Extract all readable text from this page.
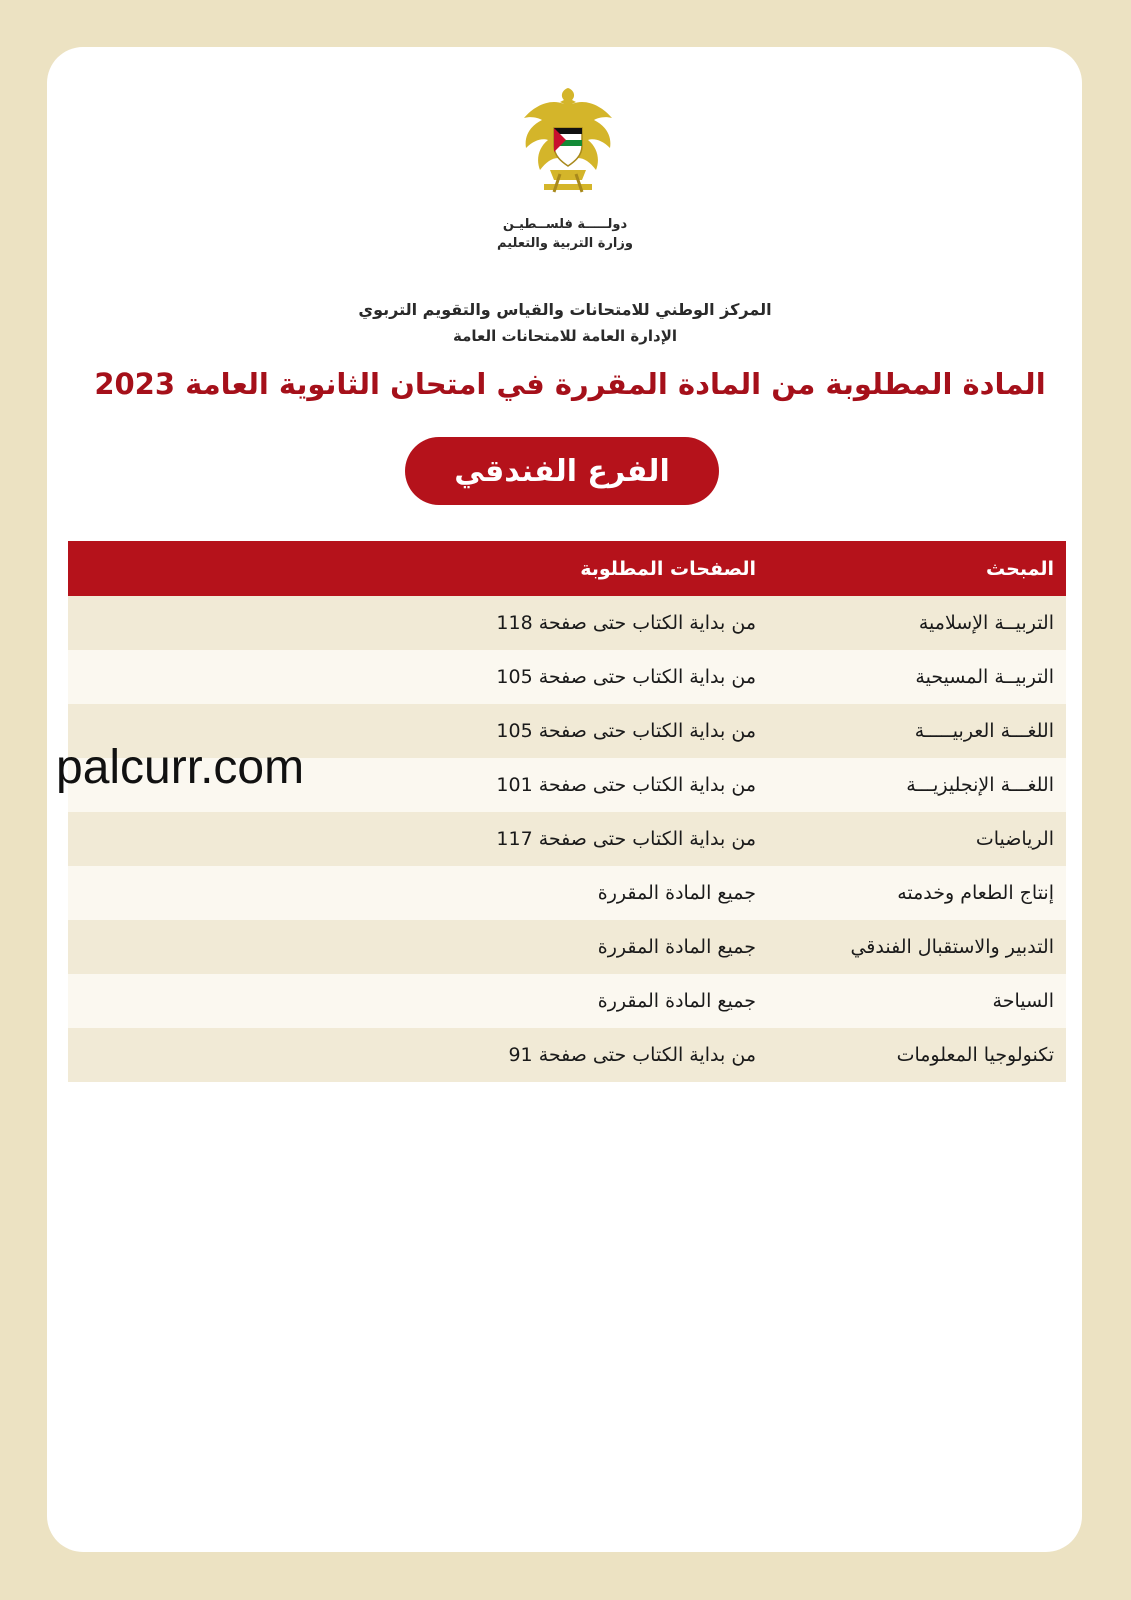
دولـــــة فلســطيـن
وزارة التربية والتعليم
المركز الوطني للامتحانات والقياس والتقويم التربوي
الإدارة العامة للامتحانات العامة
المادة المطلوبة من المادة المقررة في امتحان الثانوية العامة 2023
الفرع الفندقي
المبحث
الصفحات المطلوبة
التربيــة الإسلامية
من بداية الكتاب حتى صفحة 118
التربيــة المسيحية
من بداية الكتاب حتى صفحة 105
اللغـــة العربيـــــة
من بداية الكتاب حتى صفحة 105
اللغـــة الإنجليزيـــة
من بداية الكتاب حتى صفحة 101
الرياضيات
من بداية الكتاب حتى صفحة 117
إنتاج الطعام وخدمته
جميع المادة المقررة
التدبير والاستقبال الفندقي
جميع المادة المقررة
السياحة
جميع المادة المقررة
تكنولوجيا المعلومات
من بداية الكتاب حتى صفحة 91
palcurr.com
